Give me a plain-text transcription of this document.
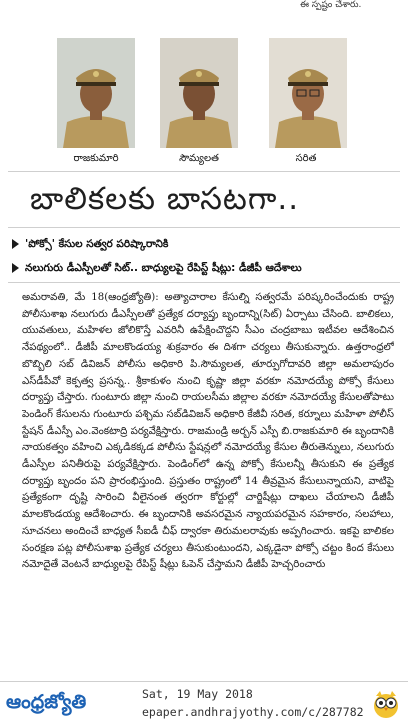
ఈ స్పష్టం చేశారు.
రాజకుమారి	సౌమ్యలత	సరిత
బాలికలకు బాసటగా..
'పోక్సో' కేసుల సత్వర పరిష్కారానికి
నలుగురు డీఎస్పీలతో సిట్.. బాధ్యులపై రేపిస్ట్ షీట్లు: డీజీపీ ఆదేశాలు
అమరావతి, మే 18(ఆంధ్రజ్యోతి): అత్యాచారాల కేసుల్ని సత్వరమే పరిష్కరించేందుకు రాష్ట్ర పోలీసుశాఖ నలుగురు డీఎస్పీలతో ప్రత్యేక దర్యాప్తు బృందాన్ని(సిట్) ఏర్పాటు చేసింది. బాలికలు, యువతులు, మహిళల జోలికొస్తే ఎవరినీ ఉపేక్షించొద్దని సీఎం చంద్రబాబు ఇటీవల ఆదేశించిన నేపథ్యంలో.. డీజీపీ మాలకొండయ్య శుక్రవారం ఈ దిశగా చర్యలు తీసుకున్నారు. ఉత్తరాంధ్రలో బొబ్బిలి సబ్ డివిజన్ పోలీసు అధికారి పి.సౌమ్యలత, తూర్పుగోదావరి జిల్లా అమలాపురం ఎస్‌డీపీవో కెక్పత్వ ప్రసన్న.. శ్రీకాకుళం నుంచి కృష్ణా జిల్లా వరకూ నమోదయ్యే పోక్సో కేసులు దర్యాప్తు చేస్తారు. గుంటూరు జిల్లా నుంచి రాయలసీమ జిల్లాల వరకూ నమోదయ్యే కేసులతోపాటు పెండింగ్ కేసులను గుంటూరు పశ్చిమ సబ్‌డివిజన్ అధికారి కేజీవీ సరిత, కర్నూలు మహిళా పోలీస్ స్టేషన్ డీఎస్పీ ఎం.వెంకటాద్రి పర్యవేక్షిస్తారు. రాజమండ్రి అర్బన్ ఎస్పీ బి.రాజకుమారి ఈ బృందానికి నాయకత్వం వహించి ఎక్కడికక్కడ పోలీసు స్టేషన్లలో నమోదయ్యే కేసుల తీరుతెన్నులు, నలుగురు డీఎస్పీల పనితీరుపై పర్యవేక్షిస్తారు. పెండింగ్‌లో ఉన్న పోక్సో కేసులన్నీ తీసుకుని ఈ ప్రత్యేక దర్యాప్తు బృందం పని ప్రారంభిస్తుంది. ప్రస్తుతం రాష్ట్రంలో 14 తీవ్రమైన కేసులున్నాయని, వాటిపై ప్రత్యేకంగా దృష్టి సారించి వీలైనంత త్వరగా కోర్టుల్లో చార్జిషీట్లు దాఖలు చేయాలని డీజీపీ మాలకొండయ్య ఆదేశించారు. ఈ బృందానికి అవసరమైన న్యాయపరమైన సహకారం, సలహాలు, సూచనలు అందించే బాధ్యత సీఐడీ చీఫ్ ద్వారకా తిరుమలరావుకు అప్పగించారు. ఇకపై బాలికల సంరక్షణ పట్ల పోలీసుశాఖ ప్రత్యేక చర్యలు తీసుకుంటుందని, ఎక్కడైనా పోక్సో చట్టం కింద కేసులు నమోదైతే వెంటనే బాధ్యులపై రేపిస్ట్ షీట్లు ఓపెన్ చేస్తామని డీజీపీ హెచ్చరించారు
ఆంధ్రజ్యోతి	Sat, 19 May 2018
epaper.andhrajyothy.com/c/287782
